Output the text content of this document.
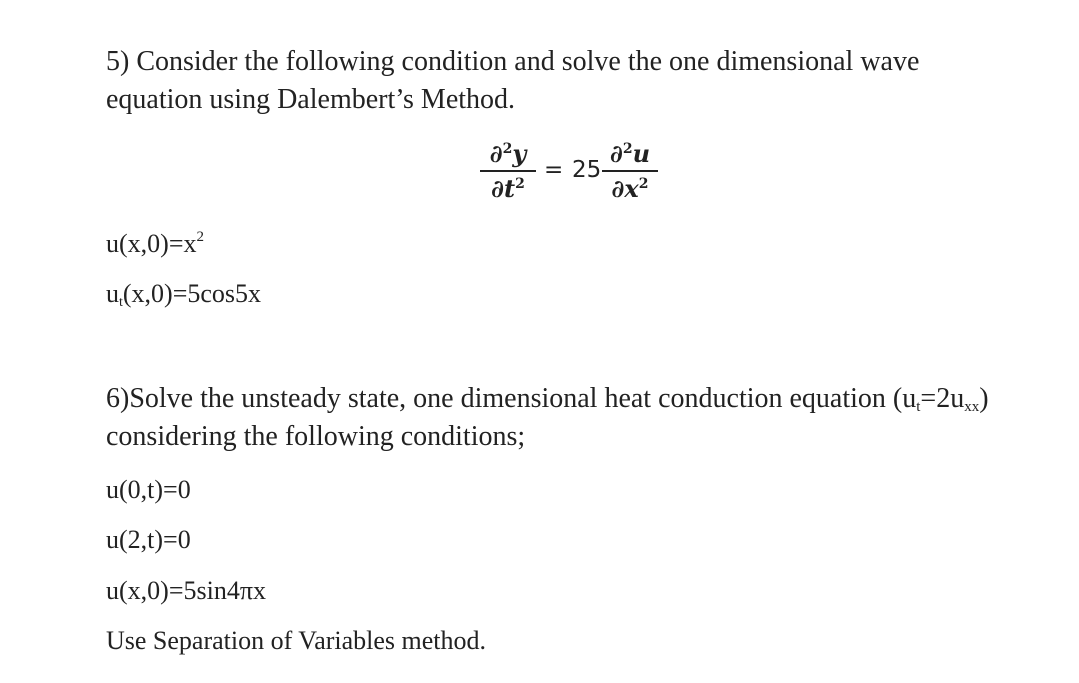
5) Consider the following condition and solve the one dimensional wave
equation using Dalembert’s Method.
$\frac{\partial^2y}{\partial t^2} = 25 \frac{\partial^2u}{\partial x^2}$
$u(x,0)=x^2$
$u_t(x,0)=5\cos 5x$
6)Solve the unsteady state, one dimensional heat conduction equation $(u_t=2u_{xx})$
considering the following conditions;
u(0,t)=0
u(2,t)=0
u(x,0)=5sin4πx
Use Separation of Variables method.
